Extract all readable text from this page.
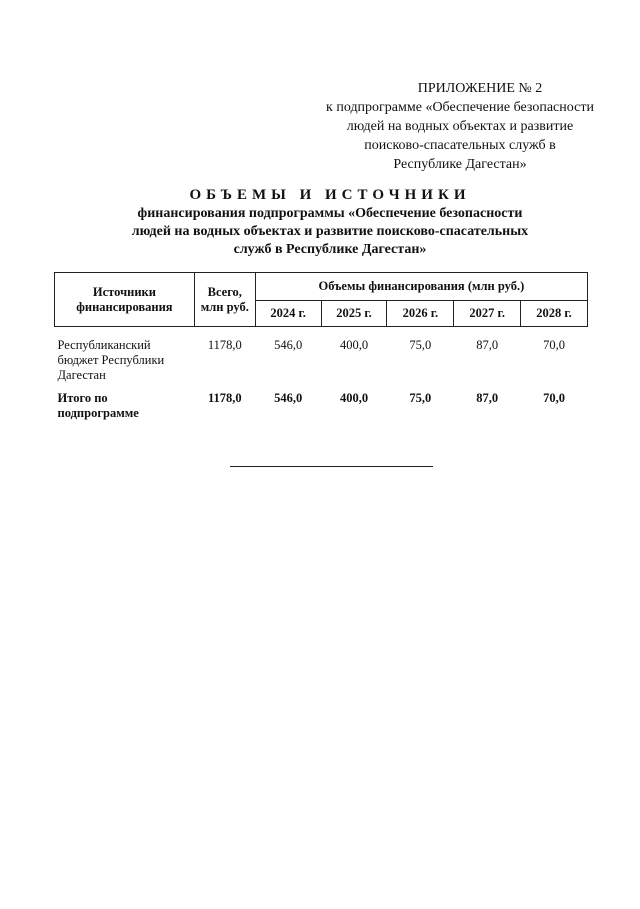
ПРИЛОЖЕНИЕ № 2
к подпрограмме «Обеспечение безопасности
людей на водных объектах и развитие
поисково-спасательных служб в
Республике Дагестан»
ОБЪЕМЫ И ИСТОЧНИКИ
финансирования подпрограммы «Обеспечение безопасности
людей на водных объектах и развитие поисково-спасательных
служб в Республике Дагестан»
Источники финансирования	Всего, млн руб.	Объемы финансирования (млн руб.)				
		2024 г.	2025 г.	2026 г.	2027 г.	2028 г.

Республиканский бюджет Республики Дагестан	1178,0	546,0	400,0	75,0	87,0	70,0
Итого по подпрограмме	1178,0	546,0	400,0	75,0	87,0	70,0
